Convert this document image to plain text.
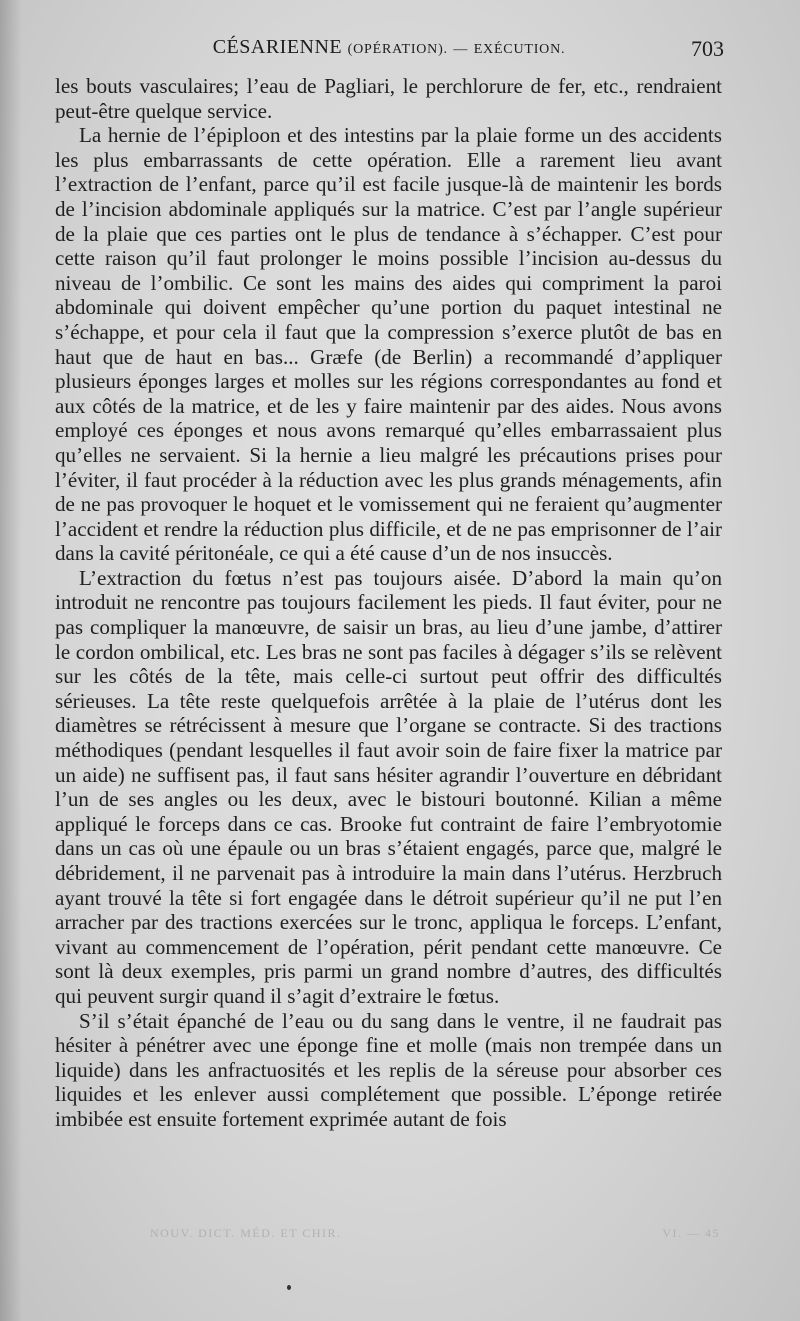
CÉSARIENNE (OPÉRATION). — EXÉCUTION.	703

les bouts vasculaires; l’eau de Pagliari, le perchlorure de fer, etc., rendraient peut-être quelque service.

La hernie de l’épiploon et des intestins par la plaie forme un des accidents les plus embarrassants de cette opération. Elle a rarement lieu avant l’extraction de l’enfant, parce qu’il est facile jusque-là de maintenir les bords de l’incision abdominale appliqués sur la matrice. C’est par l’angle supérieur de la plaie que ces parties ont le plus de tendance à s’échapper. C’est pour cette raison qu’il faut prolonger le moins possible l’incision au-dessus du niveau de l’ombilic. Ce sont les mains des aides qui compriment la paroi abdominale qui doivent empêcher qu’une portion du paquet intestinal ne s’échappe, et pour cela il faut que la compression s’exerce plutôt de bas en haut que de haut en bas... Græfe (de Berlin) a recommandé d’appliquer plusieurs éponges larges et molles sur les régions correspondantes au fond et aux côtés de la matrice, et de les y faire maintenir par des aides. Nous avons employé ces éponges et nous avons remarqué qu’elles embarrassaient plus qu’elles ne servaient. Si la hernie a lieu malgré les précautions prises pour l’éviter, il faut procéder à la réduction avec les plus grands ménagements, afin de ne pas provoquer le hoquet et le vomissement qui ne feraient qu’augmenter l’accident et rendre la réduction plus difficile, et de ne pas emprisonner de l’air dans la cavité péritonéale, ce qui a été cause d’un de nos insuccès.

L’extraction du fœtus n’est pas toujours aisée. D’abord la main qu’on introduit ne rencontre pas toujours facilement les pieds. Il faut éviter, pour ne pas compliquer la manœuvre, de saisir un bras, au lieu d’une jambe, d’attirer le cordon ombilical, etc. Les bras ne sont pas faciles à dégager s’ils se relèvent sur les côtés de la tête, mais celle-ci surtout peut offrir des difficultés sérieuses. La tête reste quelquefois arrêtée à la plaie de l’utérus dont les diamètres se rétrécissent à mesure que l’organe se contracte. Si des tractions méthodiques (pendant lesquelles il faut avoir soin de faire fixer la matrice par un aide) ne suffisent pas, il faut sans hésiter agrandir l’ouverture en débridant l’un de ses angles ou les deux, avec le bistouri boutonné. Kilian a même appliqué le forceps dans ce cas. Brooke fut contraint de faire l’embryotomie dans un cas où une épaule ou un bras s’étaient engagés, parce que, malgré le débridement, il ne parvenait pas à introduire la main dans l’utérus. Herzbruch ayant trouvé la tête si fort engagée dans le détroit supérieur qu’il ne put l’en arracher par des tractions exercées sur le tronc, appliqua le forceps. L’enfant, vivant au commencement de l’opération, périt pendant cette manœuvre. Ce sont là deux exemples, pris parmi un grand nombre d’autres, des difficultés qui peuvent surgir quand il s’agit d’extraire le fœtus.

S’il s’était épanché de l’eau ou du sang dans le ventre, il ne faudrait pas hésiter à pénétrer avec une éponge fine et molle (mais non trempée dans un liquide) dans les anfractuosités et les replis de la séreuse pour absorber ces liquides et les enlever aussi complétement que possible. L’éponge retirée imbibée est ensuite fortement exprimée autant de fois

NOUV. DICT. MÉD. ET CHIR.	VI. — 45
